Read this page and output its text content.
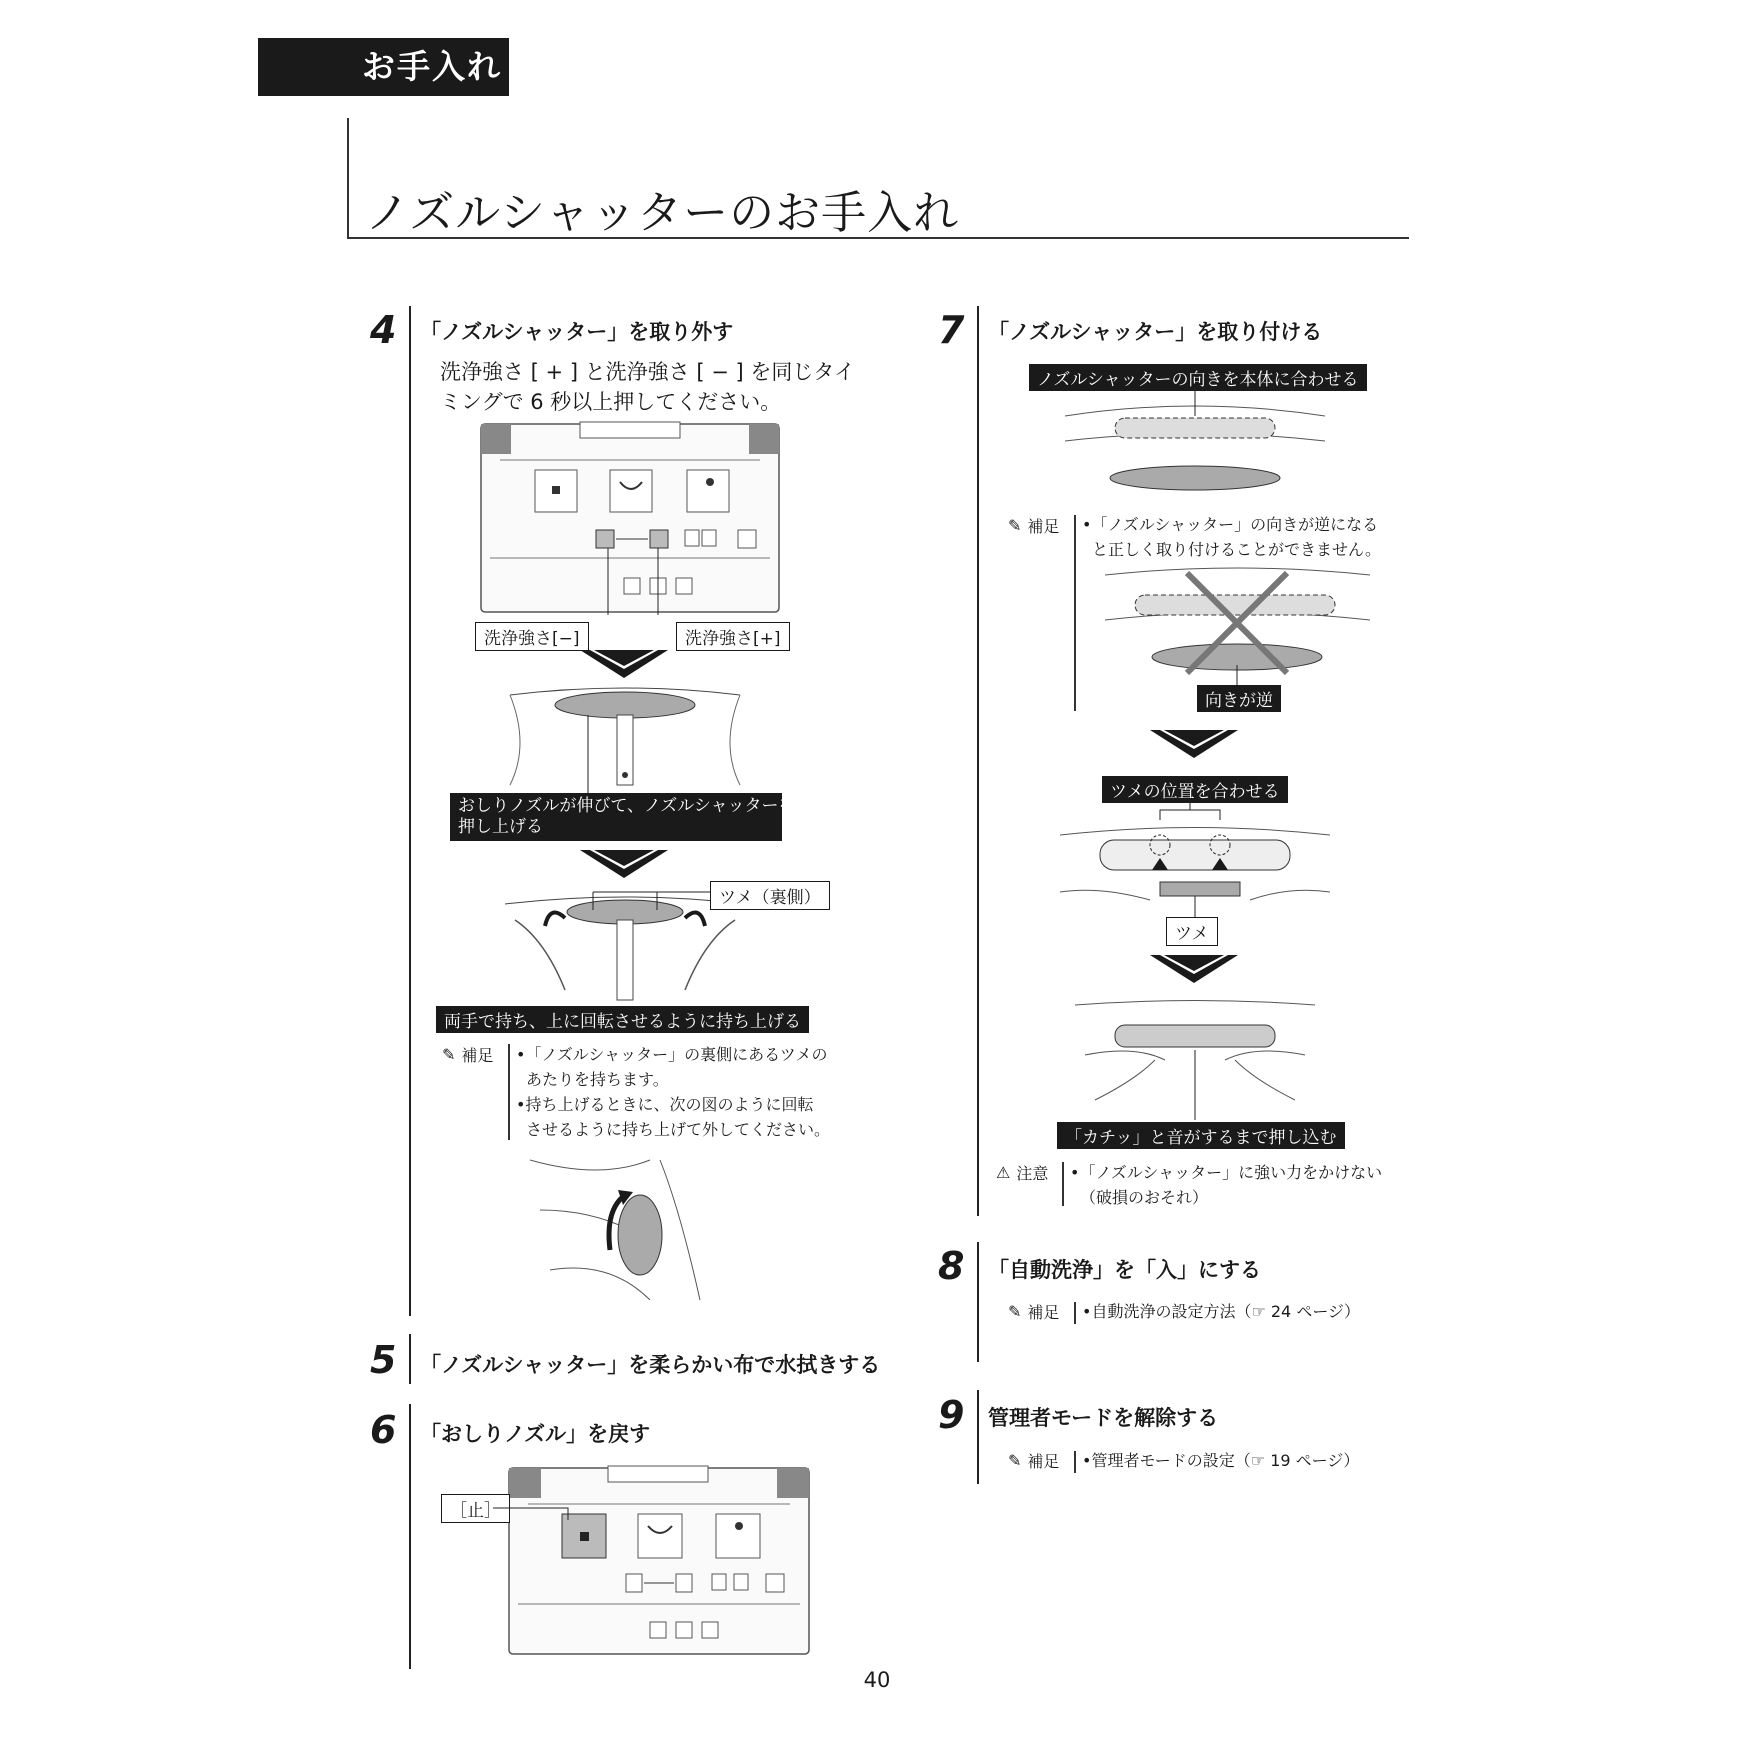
お手入れ
ノズルシャッターのお手入れ
4 「ノズルシャッター」を取り外す
洗浄強さ [ + ] と洗浄強さ [ − ] を同じタイ
ミングで 6 秒以上押してください。
洗浄強さ[−]	洗浄強さ[+]
おしりノズルが伸びて、ノズルシャッターを
押し上げる
ツメ（裏側）
両手で持ち、上に回転させるように持ち上げる
✎ 補足 •「ノズルシャッター」の裏側にあるツメの
あたりを持ちます。
•持ち上げるときに、次の図のように回転
させるように持ち上げて外してください。
5 「ノズルシャッター」を柔らかい布で水拭きする
6 「おしりノズル」を戻す
［止］
7 「ノズルシャッター」を取り付ける
ノズルシャッターの向きを本体に合わせる
✎ 補足 •「ノズルシャッター」の向きが逆になる
と正しく取り付けることができません。
向きが逆
ツメの位置を合わせる
ツメ
「カチッ」と音がするまで押し込む
⚠ 注意 •「ノズルシャッター」に強い力をかけない
（破損のおそれ）
8 「自動洗浄」を「入」にする
✎ 補足 •自動洗浄の設定方法（☞ 24 ページ）
9 管理者モードを解除する
✎ 補足 •管理者モードの設定（☞ 19 ページ）
40
